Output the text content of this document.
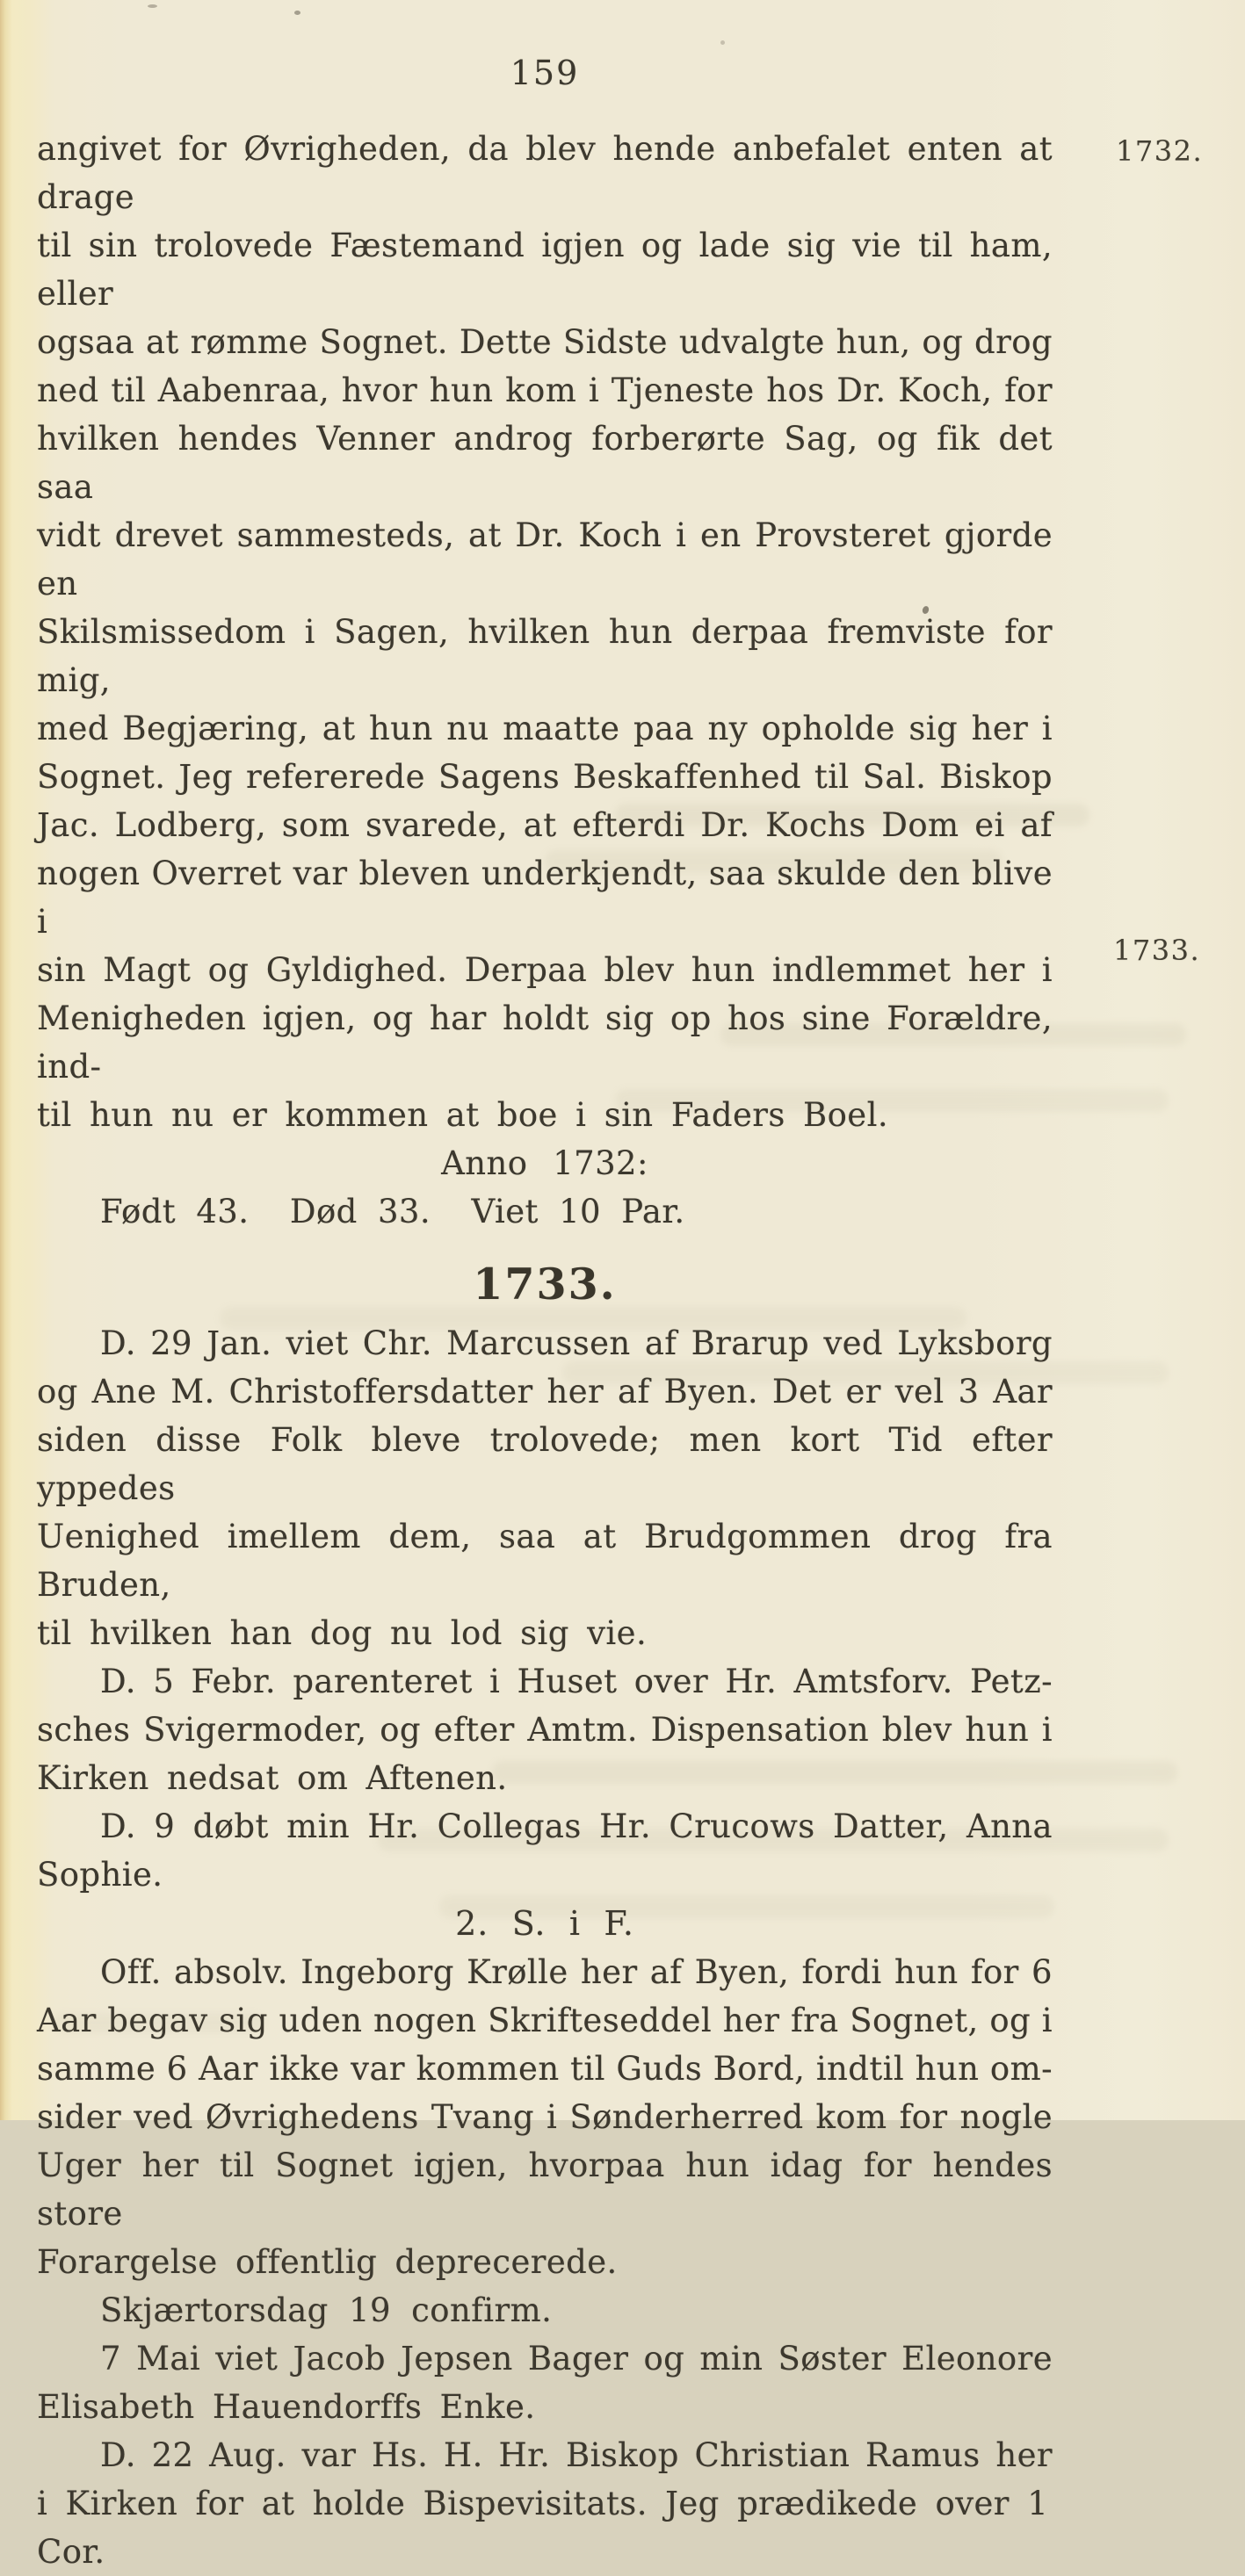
1732.
1733.
159
angivet for Øvrigheden, da blev hende anbefalet enten at drage
til sin trolovede Fæstemand igjen og lade sig vie til ham, eller
ogsaa at rømme Sognet. Dette Sidste udvalgte hun, og drog
ned til Aabenraa, hvor hun kom i Tjeneste hos Dr. Koch, for
hvilken hendes Venner androg forberørte Sag, og fik det saa
vidt drevet sammesteds, at Dr. Koch i en Provsteret gjorde en
Skilsmissedom i Sagen, hvilken hun derpaa fremviste for mig,
med Begjæring, at hun nu maatte paa ny opholde sig her i
Sognet. Jeg refererede Sagens Beskaffenhed til Sal. Biskop
Jac. Lodberg, som svarede, at efterdi Dr. Kochs Dom ei af
nogen Overret var bleven underkjendt, saa skulde den blive i
sin Magt og Gyldighed. Derpaa blev hun indlemmet her i
Menigheden igjen, og har holdt sig op hos sine Forældre, ind-
til hun nu er kommen at boe i sin Faders Boel.
Anno 1732:
Født 43.  Død 33.  Viet 10 Par.
1733.
D. 29 Jan. viet Chr. Marcussen af Brarup ved Lyksborg
og Ane M. Christoffersdatter her af Byen. Det er vel 3 Aar
siden disse Folk bleve trolovede; men kort Tid efter yppedes
Uenighed imellem dem, saa at Brudgommen drog fra Bruden,
til hvilken han dog nu lod sig vie.
D. 5 Febr. parenteret i Huset over Hr. Amtsforv. Petz-
sches Svigermoder, og efter Amtm. Dispensation blev hun i
Kirken nedsat om Aftenen.
D. 9 døbt min Hr. Collegas Hr. Crucows Datter, Anna
Sophie.
2. S. i F.
Off. absolv. Ingeborg Krølle her af Byen, fordi hun for 6
Aar begav sig uden nogen Skrifteseddel her fra Sognet, og i
samme 6 Aar ikke var kommen til Guds Bord, indtil hun om-
sider ved Øvrighedens Tvang i Sønderherred kom for nogle
Uger her til Sognet igjen, hvorpaa hun idag for hendes store
Forargelse offentlig deprecerede.
Skjærtorsdag 19 confirm.
7 Mai viet Jacob Jepsen Bager og min Søster Eleonore
Elisabeth Hauendorffs Enke.
D. 22 Aug. var Hs. H. Hr. Biskop Christian Ramus her
i Kirken for at holde Bispevisitats. Jeg prædikede over 1 Cor.
